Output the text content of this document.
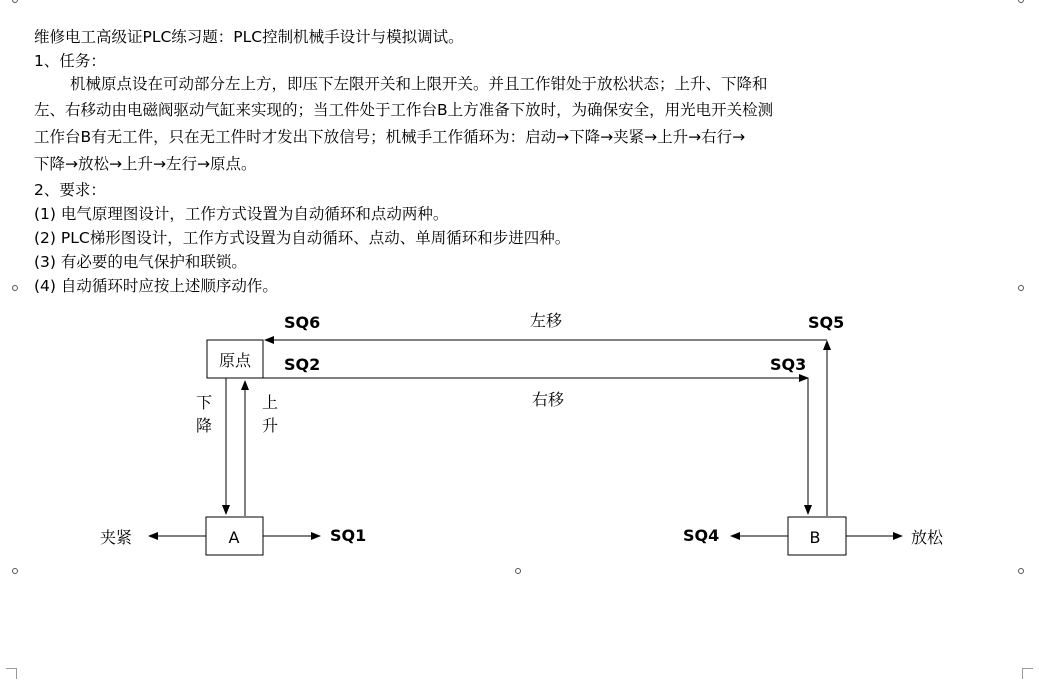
维修电工高级证PLC练习题：PLC控制机械手设计与模拟调试。
1、任务：
机械原点设在可动部分左上方，即压下左限开关和上限开关。并且工作钳处于放松状态；上升、下降和
左、右移动由电磁阀驱动气缸来实现的；当工件处于工作台B上方准备下放时，为确保安全，用光电开关检测
工作台B有无工件，只在无工件时才发出下放信号；机械手工作循环为：启动→下降→夹紧→上升→右行→
下降→放松→上升→左行→原点。
2、要求：
(1) 电气原理图设计，工作方式设置为自动循环和点动两种。
(2) PLC梯形图设计，工作方式设置为自动循环、点动、单周循环和步进四种。
(3) 有必要的电气保护和联锁。
(4) 自动循环时应按上述顺序动作。
原点
A
夹紧	SQ1	B
SQ4	放松
SQ6	左移	SQ5
SQ2	SQ3
右移
下
降
上
升
